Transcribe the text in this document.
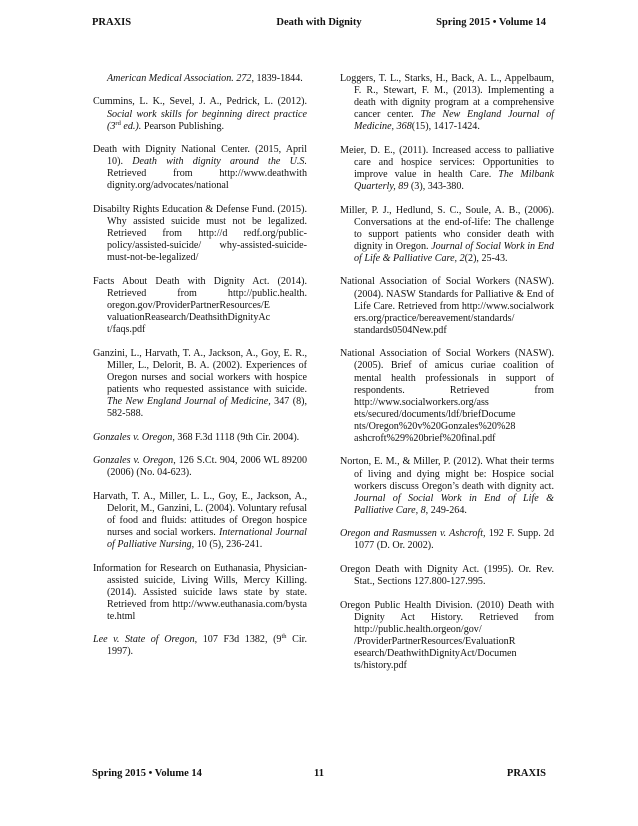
PRAXIS	Death with Dignity	Spring 2015 • Volume 14

American Medical Association. 272, 1839-1844.

Cummins, L. K., Sevel, J. A., Pedrick, L. (2012). Social work skills for beginning direct practice (3rd ed.). Pearson Publishing.

Death with Dignity National Center. (2015, April 10). Death with dignity around the U.S. Retrieved from http://www.deathwith dignity.org/advocates/national

Disabilty Rights Education & Defense Fund. (2015). Why assisted suicide must not be legalized. Retrieved from http://d redf.org/public-policy/assisted-suicide/ why-assisted-suicide-must-not-be-legalized/

Facts About Death with Dignity Act. (2014). Retrieved from http://public.health. oregon.gov/ProviderPartnerResources/E valuationReasearch/DeathsithDignityAc t/faqs.pdf

Ganzini, L., Harvath, T. A., Jackson, A., Goy, E. R., Miller, L., Delorit, B. A. (2002). Experiences of Oregon nurses and social workers with hospice patients who requested assistance with suicide. The New England Journal of Medicine, 347 (8), 582-588.

Gonzales v. Oregon, 368 F.3d 1118 (9th Cir. 2004).

Gonzales v. Oregon, 126 S.Ct. 904, 2006 WL 89200 (2006) (No. 04-623).

Harvath, T. A., Miller, L. L., Goy, E., Jackson, A., Delorit, M., Ganzini, L. (2004). Voluntary refusal of food and fluids: attitudes of Oregon hospice nurses and social workers. International Journal of Palliative Nursing, 10 (5), 236-241.

Information for Research on Euthanasia, Physician-assisted suicide, Living Wills, Mercy Killing. (2014). Assisted suicide laws state by state. Retrieved from http://www.euthanasia.com/bysta te.html

Lee v. State of Oregon, 107 F3d 1382, (9th Cir. 1997).

Loggers, T. L., Starks, H., Back, A. L., Appelbaum, F. R., Stewart, F. M., (2013). Implementing a death with dignity program at a comprehensive cancer center. The New England Journal of Medicine, 368(15), 1417-1424.

Meier, D. E., (2011). Increased access to palliative care and hospice services: Opportunities to improve value in health Care. The Milbank Quarterly, 89 (3), 343-380.

Miller, P. J., Hedlund, S. C., Soule, A. B., (2006). Conversations at the end-of-life: The challenge to support patients who consider death with dignity in Oregon. Journal of Social Work in End of Life & Palliative Care, 2(2), 25-43.

National Association of Social Workers (NASW). (2004). NASW Standards for Palliative & End of Life Care. Retrieved from http://www.socialwork ers.org/practice/bereavement/standards/ standards0504New.pdf

National Association of Social Workers (NASW). (2005). Brief of amicus curiae coalition of mental health professionals in support of respondents. Retrieved from http://www.socialworkers.org/ass ets/secured/documents/ldf/briefDocume nts/Oregon%20v%20Gonzales%20%28 ashcroft%29%20brief%20final.pdf

Norton, E. M., & Miller, P. (2012). What their terms of living and dying might be: Hospice social workers discuss Oregon’s death with dignity act. Journal of Social Work in End of Life & Palliative Care, 8, 249-264.

Oregon and Rasmussen v. Ashcroft, 192 F. Supp. 2d 1077 (D. Or. 2002).

Oregon Death with Dignity Act. (1995). Or. Rev. Stat., Sections 127.800-127.995.

Oregon Public Health Division. (2010) Death with Dignity Act History. Retrieved from http://public.health.orgeon/gov/ /ProviderPartnerResources/EvaluationR esearch/DeathwithDignityAct/Documen ts/history.pdf

Spring 2015 • Volume 14	11	PRAXIS
